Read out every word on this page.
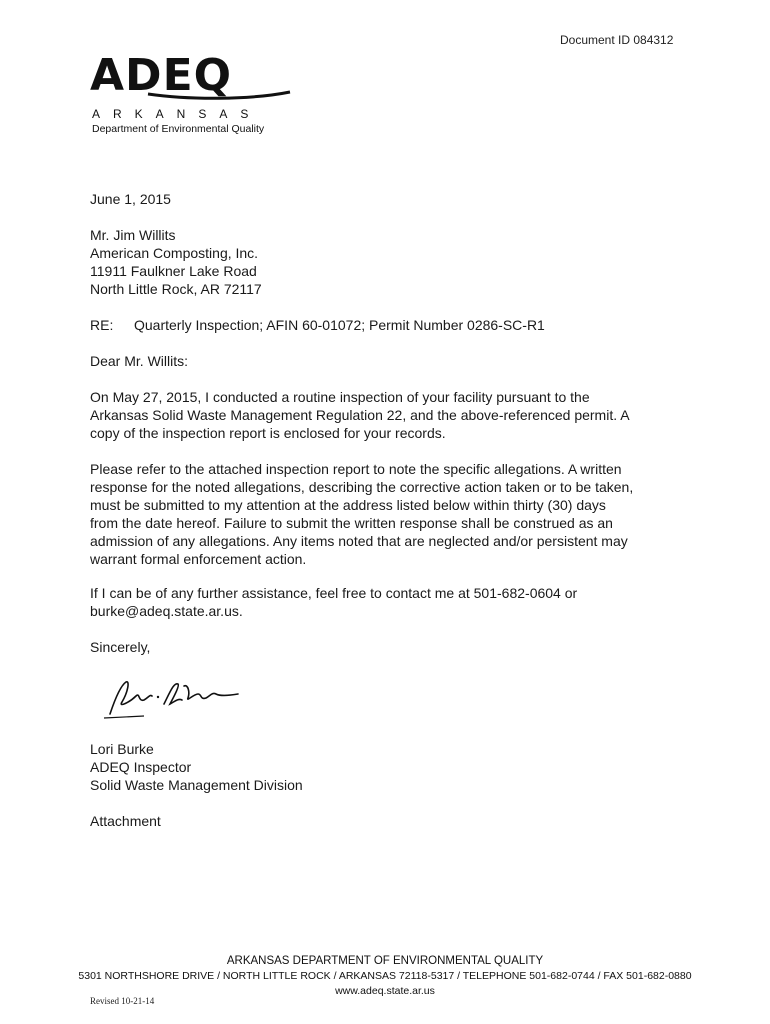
Document ID 084312
ADEQ
ARKANSAS
Department of Environmental Quality
June 1, 2015

Mr. Jim Willits

American Composting, Inc.

11911 Faulkner Lake Road

North Little Rock, AR 72117

RE: Quarterly Inspection; AFIN 60-01072; Permit Number 0286-SC-R1
Dear Mr. Willits:

On May 27, 2015, I conducted a routine inspection of your facility pursuant to the

Arkansas Solid Waste Management Regulation 22, and the above-referenced permit. A

copy of the inspection report is enclosed for your records.

Please refer to the attached inspection report to note the specific allegations. A written

response for the noted allegations, describing the corrective action taken or to be taken,

must be submitted to my attention at the address listed below within thirty (30) days

from the date hereof. Failure to submit the written response shall be construed as an

admission of any allegations. Any items noted that are neglected and/or persistent may

warrant formal enforcement action.

If I can be of any further assistance, feel free to contact me at 501-682-0604 or

burke@adeq.state.ar.us.

Sincerely,

Lori Burke

ADEQ Inspector

Solid Waste Management Division

Attachment
ARKANSAS DEPARTMENT OF ENVIRONMENTAL QUALITY
5301 NORTHSHORE DRIVE / NORTH LITTLE ROCK / ARKANSAS 72118-5317 / TELEPHONE 501-682-0744 / FAX 501-682-0880
www.adeq.state.ar.us
Revised 10-21-14
